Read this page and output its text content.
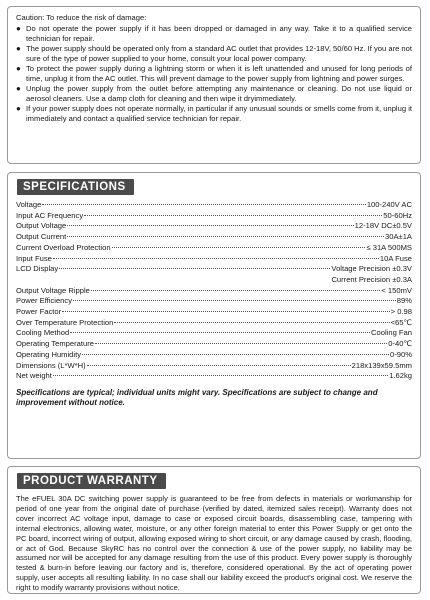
Caution: To reduce the risk of damage:
● Do not operate the power supply if it has been dropped or damaged in any way. Take it to a qualified service technician for repair.
● The power supply should be operated only from a standard AC outlet that provides 12-18V, 50/60 Hz. If you are not sure of the type of power supplied to your home, consult your local power company.
● To protect the power supply during a lightning storm or when it is left unattended and unused for long periods of time, unplug it from the AC outlet. This will prevent damage to the power supply from lightning and power surges.
● Unplug the power supply from the outlet before attempting any maintenance or cleaning. Do not use liquid or aerosol cleaners. Use a damp cloth for cleaning and then wipe it dryimmediately.
● If your power supply does not operate normally, in particular if any unusual sounds or smells come from it, unplug it immediately and contact a qualified service technician for repair.
SPECIFICATIONS
Voltage	100-240V AC
Input AC Frequency	50-60Hz
Output Voltage	12-18V DC±0.5V
Output Current	30A±1A
Current Overload Protection	≤ 31A 500MS
Input Fuse	10A Fuse
LCD Display	Voltage Precision ±0.3V
Current Precision ±0.3A
Output Voltage Ripple	< 150mV
Power Efficiency	89%
Power Factor	> 0.98
Over Temperature Protection	<65℃
Cooling Method	Cooling Fan
Operating Temperature	0-40℃
Operating Humidity	0-90%
Dimensions (L*W*H)	218x139x59.5mm
Net weight	1.62kg
Specifications are typical; individual units might vary. Specifications are subject to change and improvement without notice.
PRODUCT WARRANTY
The eFUEL 30A DC switching power supply is guaranteed to be free from defects in materials or workmanship for period of one year from the original date of purchase (verified by dated, itemized sales receipt). Warranty does not cover incorrect AC voltage input, damage to case or exposed circuit boards, disassembling case, tampering with internal electronics, allowing water, moisture, or any other foreign material to enter this Power Supply or get onto the PC board, incorrect wiring of output, allowing exposed wiring to short circuit, or any damage caused by crash, flooding, or act of God. Because SkyRC has no control over the connection & use of the power supply, no liability may be assumed nor will be accepted for any damage resulting from the use of this product. Every power supply is thoroughly tested & burn-in before leaving our factory and is, therefore, considered operational. By the act of operating power supply, user accepts all resulting liability. In no case shall our liability exceed the product's original cost. We reserve the right to modify warranty provisions without notice.
